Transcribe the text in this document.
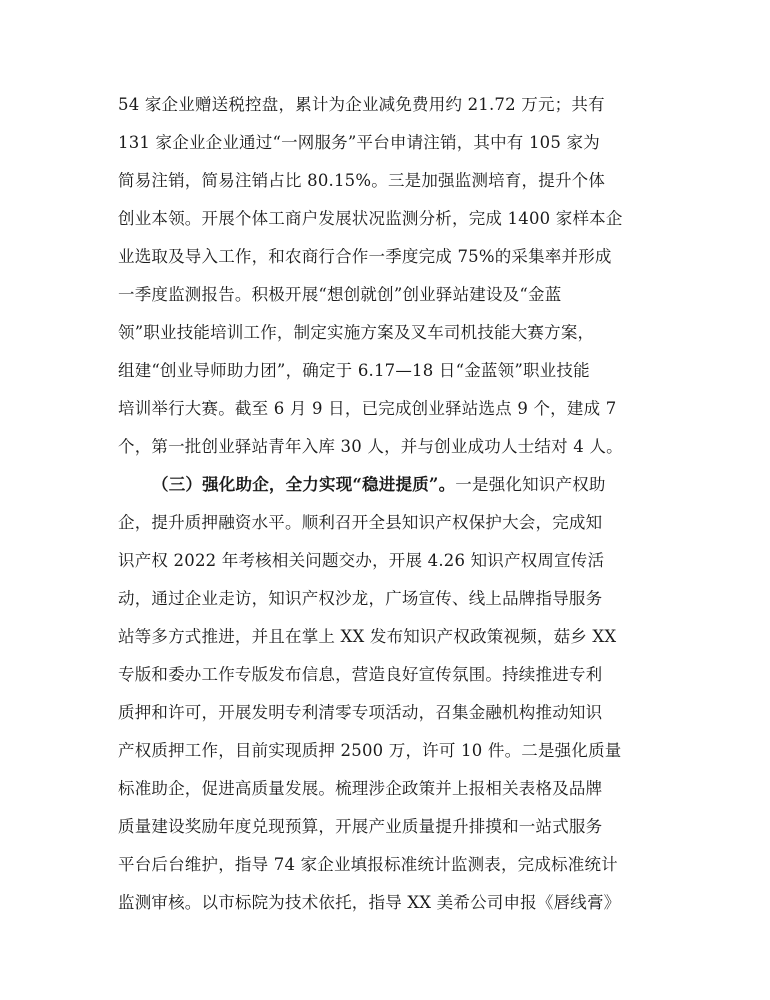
54 家企业赠送税控盘，累计为企业减免费用约 21.72 万元；共有
131 家企业企业通过“一网服务”平台申请注销，其中有 105 家为
简易注销，简易注销占比 80.15%。三是加强监测培育，提升个体
创业本领。开展个体工商户发展状况监测分析，完成 1400 家样本企
业选取及导入工作，和农商行合作一季度完成 75%的采集率并形成
一季度监测报告。积极开展“想创就创”创业驿站建设及“金蓝
领”职业技能培训工作，制定实施方案及叉车司机技能大赛方案，
组建“创业导师助力团”，确定于 6.17—18 日“金蓝领”职业技能
培训举行大赛。截至 6 月 9 日，已完成创业驿站选点 9 个，建成 7
个，第一批创业驿站青年入库 30 人，并与创业成功人士结对 4 人。
（三）强化助企，全力实现“稳进提质”。一是强化知识产权助
企，提升质押融资水平。顺利召开全县知识产权保护大会，完成知
识产权 2022 年考核相关问题交办，开展 4.26 知识产权周宣传活
动，通过企业走访，知识产权沙龙，广场宣传、线上品牌指导服务
站等多方式推进，并且在掌上 XX 发布知识产权政策视频，菇乡 XX
专版和委办工作专版发布信息，营造良好宣传氛围。持续推进专利
质押和许可，开展发明专利清零专项活动，召集金融机构推动知识
产权质押工作，目前实现质押 2500 万，许可 10 件。二是强化质量
标准助企，促进高质量发展。梳理涉企政策并上报相关表格及品牌
质量建设奖励年度兑现预算，开展产业质量提升排摸和一站式服务
平台后台维护，指导 74 家企业填报标准统计监测表，完成标准统计
监测审核。以市标院为技术依托，指导 XX 美希公司申报《唇线膏》
